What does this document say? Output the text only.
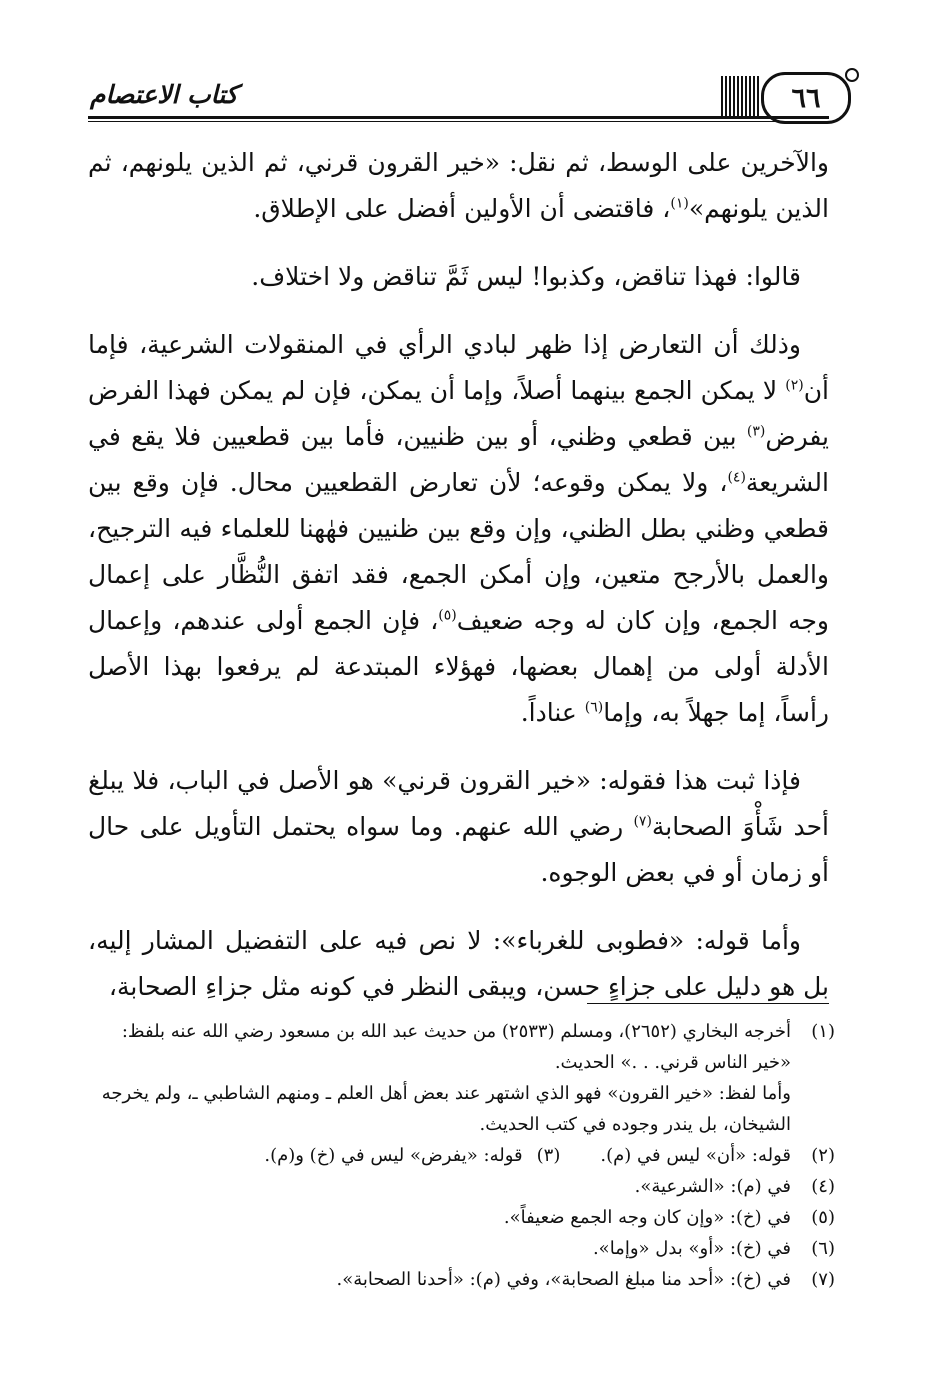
كتاب الاعتصام	٦٦

والآخرين على الوسط، ثم نقل: «خير القرون قرني، ثم الذين يلونهم، ثم الذين يلونهم»$^{(١)}$، فاقتضى أن الأولين أفضل على الإطلاق.

قالوا: فهذا تناقض، وكذبوا! ليس ثَمَّ تناقض ولا اختلاف.

وذلك أن التعارض إذا ظهر لبادي الرأي في المنقولات الشرعية، فإما أن$^{(٢)}$ لا يمكن الجمع بينهما أصلاً، وإما أن يمكن، فإن لم يمكن فهذا الفرض يفرض$^{(٣)}$ بين قطعي وظني، أو بين ظنيين، فأما بين قطعيين فلا يقع في الشريعة$^{(٤)}$، ولا يمكن وقوعه؛ لأن تعارض القطعيين محال. فإن وقع بين قطعي وظني بطل الظني، وإن وقع بين ظنيين فهٰهنا للعلماء فيه الترجيح، والعمل بالأرجح متعين، وإن أمكن الجمع، فقد اتفق النُّظَّار على إعمال وجه الجمع، وإن كان له وجه ضعيف$^{(٥)}$، فإن الجمع أولى عندهم، وإعمال الأدلة أولى من إهمال بعضها، فهؤلاء المبتدعة لم يرفعوا بهذا الأصل رأساً، إما جهلاً به، وإما$^{(٦)}$ عناداً.

فإذا ثبت هذا فقوله: «خير القرون قرني» هو الأصل في الباب، فلا يبلغ أحد شَأْوَ الصحابة$^{(٧)}$ رضي الله عنهم. وما سواه يحتمل التأويل على حال أو زمان أو في بعض الوجوه.

وأما قوله: «فطوبى للغرباء»: لا نص فيه على التفضيل المشار إليه، بل هو دليل على جزاءٍ حسن، ويبقى النظر في كونه مثل جزاءِ الصحابة،

(١)

أخرجه البخاري (٢٦٥٢)، ومسلم (٢٥٣٣) من حديث عبد الله بن مسعود رضي الله عنه بلفظ: «خير الناس قرني. . .» الحديث.

وأما لفظ: «خير القرون» فهو الذي اشتهر عند بعض أهل العلم ـ ومنهم الشاطبي ـ، ولم يخرجه الشيخان، بل يندر وجوده في كتب الحديث.

(٢)
قوله: «أن» ليس في (م).
(٣)
قوله: «يفرض» ليس في (خ) و(م).
(٤)
في (م): «الشرعية».
(٥)
في (خ): «وإن كان وجه الجمع ضعيفاً».
(٦)
في (خ): «أو» بدل «وإما».
(٧)
في (خ): «أحد منا مبلغ الصحابة»، وفي (م): «أحدنا الصحابة».
